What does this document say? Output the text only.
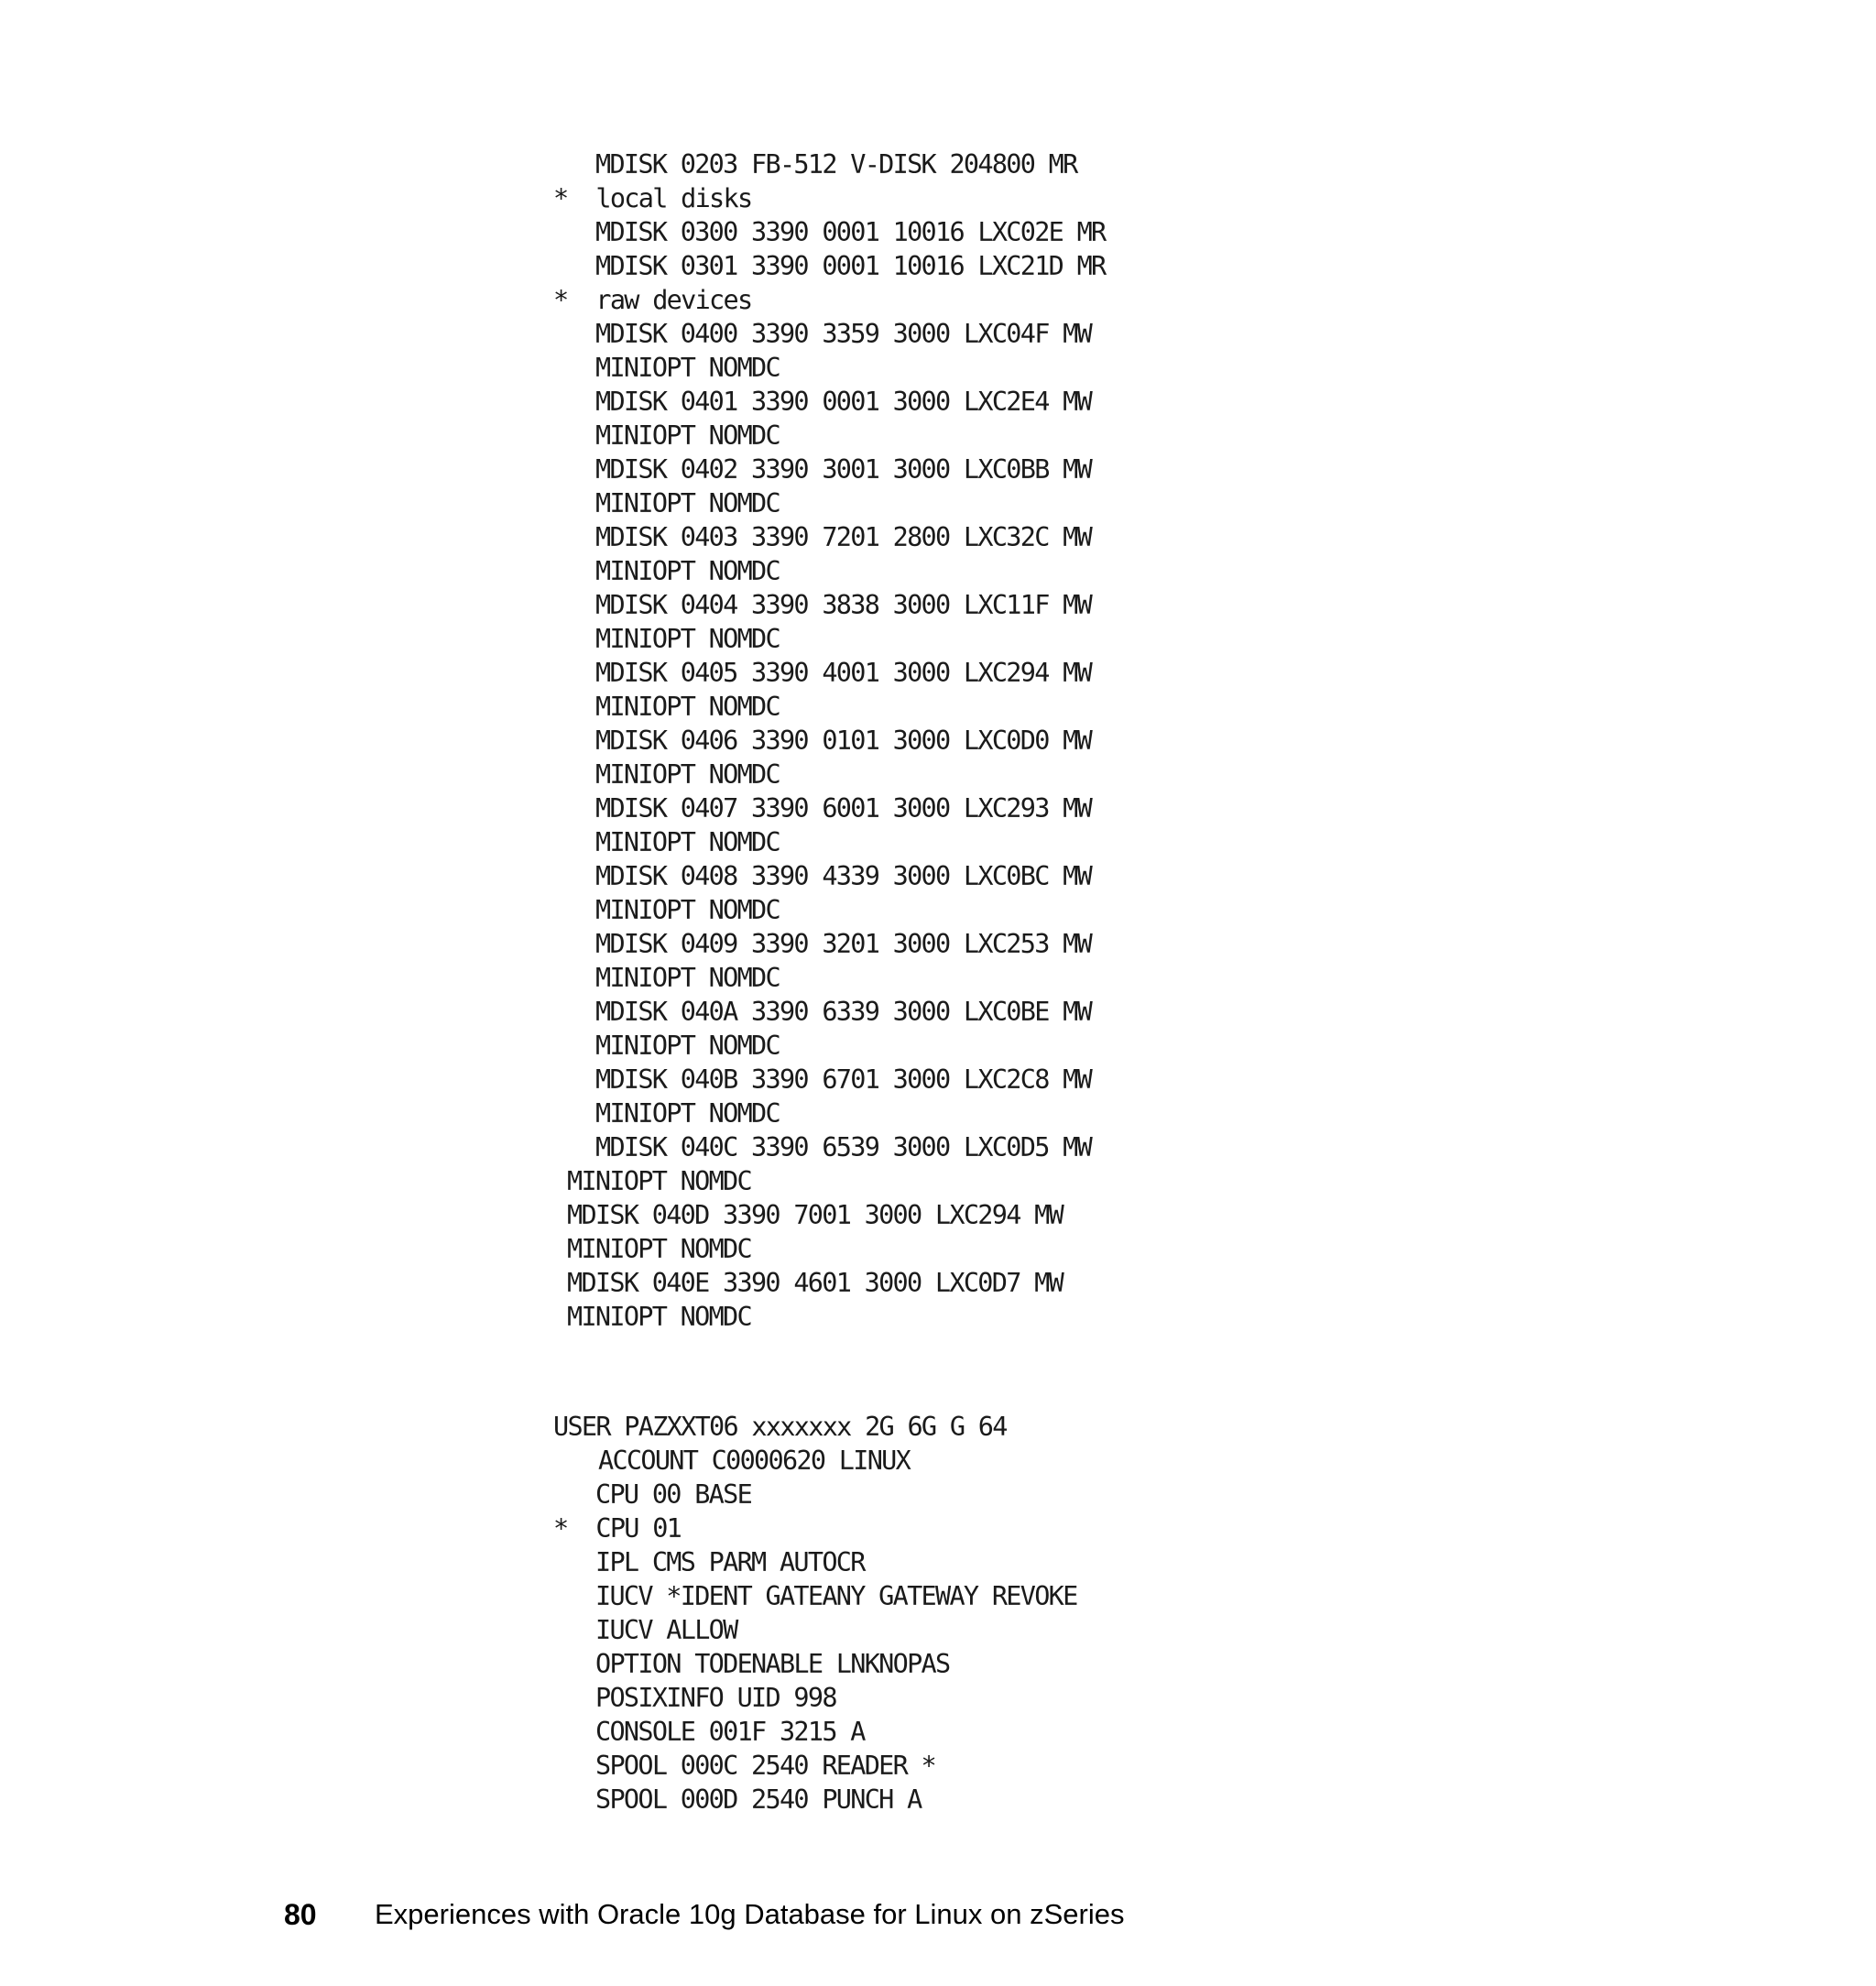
MDISK 0203 FB-512 V-DISK 204800 MR
*  local disks
MDISK 0300 3390 0001 10016 LXC02E MR
MDISK 0301 3390 0001 10016 LXC21D MR
*  raw devices
MDISK 0400 3390 3359 3000 LXC04F MW
MINIOPT NOMDC
MDISK 0401 3390 0001 3000 LXC2E4 MW
MINIOPT NOMDC
MDISK 0402 3390 3001 3000 LXC0BB MW
MINIOPT NOMDC
MDISK 0403 3390 7201 2800 LXC32C MW
MINIOPT NOMDC
MDISK 0404 3390 3838 3000 LXC11F MW
MINIOPT NOMDC
MDISK 0405 3390 4001 3000 LXC294 MW
MINIOPT NOMDC
MDISK 0406 3390 0101 3000 LXC0D0 MW
MINIOPT NOMDC
MDISK 0407 3390 6001 3000 LXC293 MW
MINIOPT NOMDC
MDISK 0408 3390 4339 3000 LXC0BC MW
MINIOPT NOMDC
MDISK 0409 3390 3201 3000 LXC253 MW
MINIOPT NOMDC
MDISK 040A 3390 6339 3000 LXC0BE MW
MINIOPT NOMDC
MDISK 040B 3390 6701 3000 LXC2C8 MW
MINIOPT NOMDC
MDISK 040C 3390 6539 3000 LXC0D5 MW
MINIOPT NOMDC
MDISK 040D 3390 7001 3000 LXC294 MW
MINIOPT NOMDC
MDISK 040E 3390 4601 3000 LXC0D7 MW
MINIOPT NOMDC
USER PAZXXT06 xxxxxxx 2G 6G G 64
ACCOUNT C0000620 LINUX
CPU 00 BASE
*  CPU 01
IPL CMS PARM AUTOCR
IUCV *IDENT GATEANY GATEWAY REVOKE
IUCV ALLOW
OPTION TODENABLE LNKNOPAS
POSIXINFO UID 998
CONSOLE 001F 3215 A
SPOOL 000C 2540 READER *
SPOOL 000D 2540 PUNCH A
80 Experiences with Oracle 10g Database for Linux on zSeries
